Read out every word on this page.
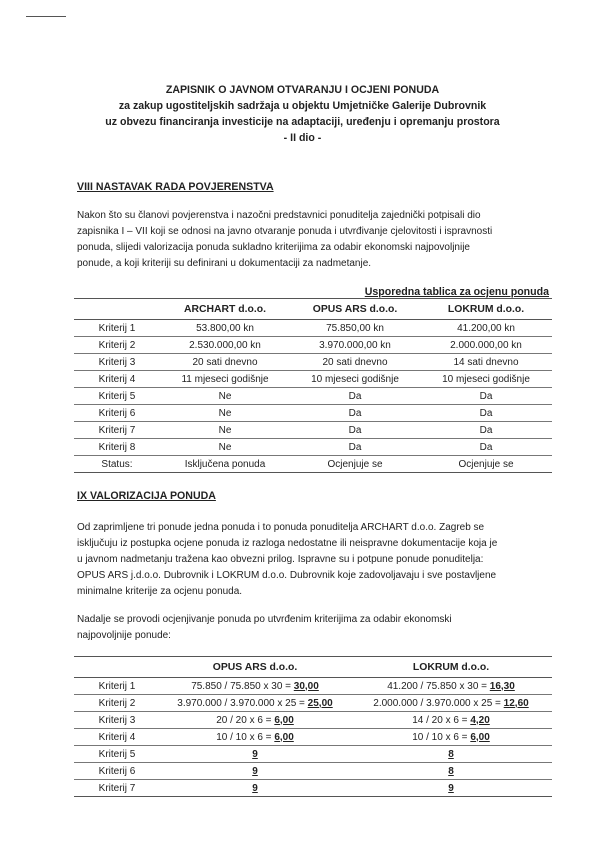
ZAPISNIK O JAVNOM OTVARANJU I OCJENI PONUDA
za zakup ugostiteljskih sadržaja u objektu Umjetničke Galerije Dubrovnik
uz obvezu financiranja investicije na adaptaciji, uređenju i opremanju prostora
- II dio -
VIII NASTAVAK RADA POVJERENSTVA
Nakon što su članovi povjerenstva i nazočni predstavnici ponuditelja zajednički potpisali dio
zapisnika I – VII koji se odnosi na javno otvaranje ponuda i utvrđivanje cjelovitosti i ispravnosti
ponuda, slijedi valorizacija ponuda sukladno kriterijima za odabir ekonomski najpovoljnije
ponude, a koji kriteriji su definirani u dokumentaciji za nadmetanje.
Usporedna tablica za ocjenu ponuda
	ARCHART d.o.o.	OPUS ARS d.o.o.	LOKRUM d.o.o.
Kriterij 1	53.800,00 kn	75.850,00 kn	41.200,00 kn
Kriterij 2	2.530.000,00 kn	3.970.000,00 kn	2.000.000,00 kn
Kriterij 3	20 sati dnevno	20 sati dnevno	14 sati dnevno
Kriterij 4	11 mjeseci godišnje	10 mjeseci godišnje	10 mjeseci godišnje
Kriterij 5	Ne	Da	Da
Kriterij 6	Ne	Da	Da
Kriterij 7	Ne	Da	Da
Kriterij 8	Ne	Da	Da
Status:	Isključena ponuda	Ocjenjuje se	Ocjenjuje se
IX VALORIZACIJA PONUDA
Od zaprimljene tri ponude jedna ponuda i to ponuda ponuditelja ARCHART d.o.o. Zagreb se
isključuju iz postupka ocjene ponuda iz razloga nedostatne ili neispravne dokumentacije koja je
u javnom nadmetanju tražena kao obvezni prilog. Ispravne su i potpune ponude ponuditelja:
OPUS ARS j.d.o.o. Dubrovnik i LOKRUM d.o.o. Dubrovnik koje zadovoljavaju i sve postavljene
minimalne kriterije za ocjenu ponuda.
Nadalje se provodi ocjenjivanje ponuda po utvrđenim kriterijima za odabir ekonomski
najpovoljnije ponude:
	OPUS ARS d.o.o.	LOKRUM d.o.o.
Kriterij 1	75.850 / 75.850 x 30 = 30,00	41.200 / 75.850 x 30 = 16,30
Kriterij 2	3.970.000 / 3.970.000 x 25 = 25,00	2.000.000 / 3.970.000 x 25 = 12,60
Kriterij 3	20 / 20 x 6 = 6,00	14 / 20 x 6 = 4,20
Kriterij 4	10 / 10 x 6 = 6,00	10 / 10 x 6 = 6,00
Kriterij 5	9	8
Kriterij 6	9	8
Kriterij 7	9	9
